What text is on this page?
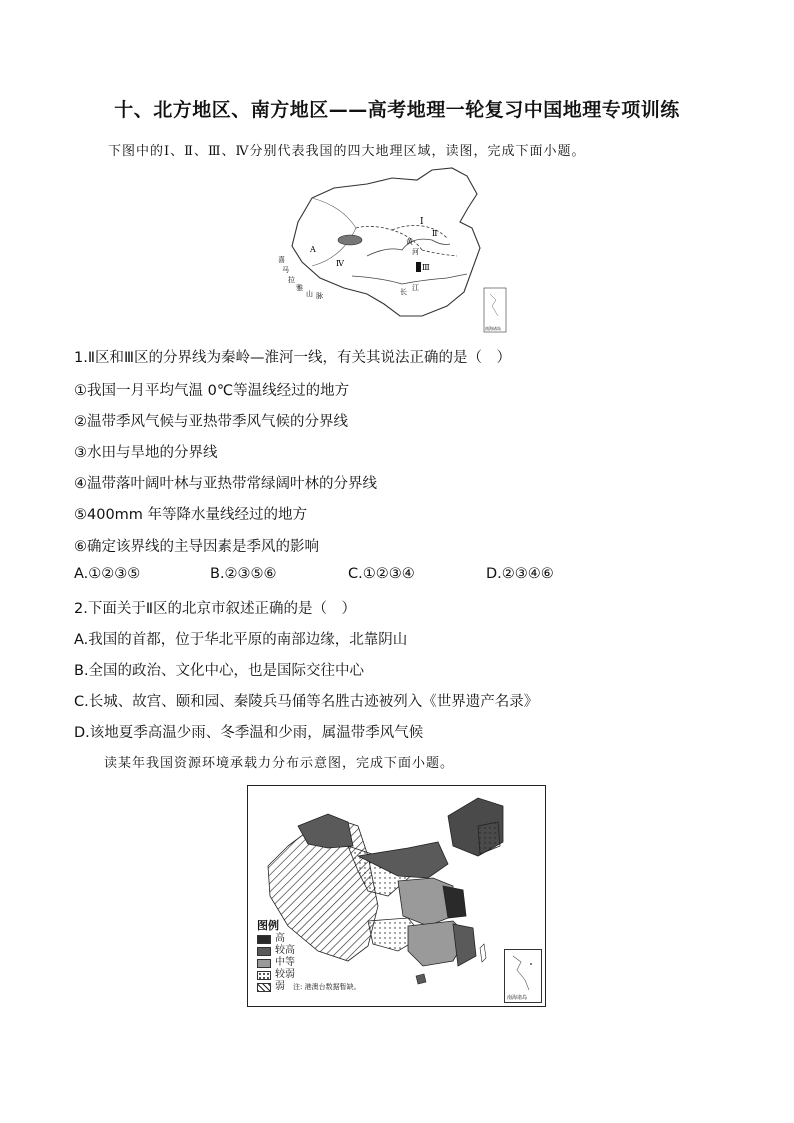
十、北方地区、南方地区——高考地理一轮复习中国地理专项训练
下图中的Ⅰ、Ⅱ、Ⅲ、Ⅳ分别代表我国的四大地理区域，读图，完成下面小题。
Ⅰ
Ⅱ
Ⅲ
Ⅳ
A
黄
河
长 江
喜
马
拉
雅
山 脉
南海诸岛
1.Ⅱ区和Ⅲ区的分界线为秦岭—淮河一线，有关其说法正确的是（　）
①我国一月平均气温 0℃等温线经过的地方
②温带季风气候与亚热带季风气候的分界线
③水田与旱地的分界线
④温带落叶阔叶林与亚热带常绿阔叶林的分界线
⑤400mm 年等降水量线经过的地方
⑥确定该界线的主导因素是季风的影响
A.①②③⑤	B.②③⑤⑥	C.①②③④	D.②③④⑥
2.下面关于Ⅱ区的北京市叙述正确的是（　）
A.我国的首都，位于华北平原的南部边缘，北靠阴山
B.全国的政治、文化中心，也是国际交往中心
C.长城、故宫、颐和园、秦陵兵马俑等名胜古迹被列入《世界遗产名录》
D.该地夏季高温少雨、冬季温和少雨，属温带季风气候
读某年我国资源环境承载力分布示意图，完成下面小题。
图例
高
较高
中等
较弱
弱 注: 港澳台数据暂缺。
南海诸岛
